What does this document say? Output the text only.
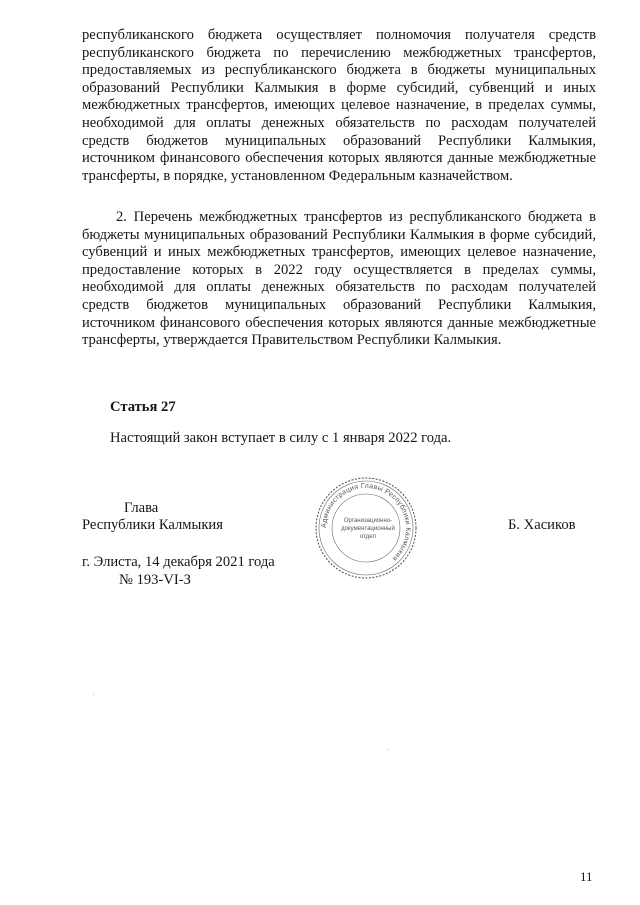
республиканского бюджета осуществляет полномочия получателя средств республиканского бюджета по перечислению межбюджетных трансфертов, предоставляемых из республиканского бюджета в бюджеты муниципальных образований Республики Калмыкия в форме субсидий, субвенций и иных межбюджетных трансфертов, имеющих целевое назначение, в пределах суммы, необходимой для оплаты денежных обязательств по расходам получателей средств бюджетов муниципальных образований Республики Калмыкия, источником финансового обеспечения которых являются данные межбюджетные трансферты, в порядке, установленном Федеральным казначейством.

2. Перечень межбюджетных трансфертов из республиканского бюджета в бюджеты муниципальных образований Республики Калмыкия в форме субсидий, субвенций и иных межбюджетных трансфертов, имеющих целевое назначение, предоставление которых в 2022 году осуществляется в пределах суммы, необходимой для оплаты денежных обязательств по расходам получателей средств бюджетов муниципальных образований Республики Калмыкия, источником финансового обеспечения которых являются данные межбюджетные трансферты, утверждается Правительством Республики Калмыкия.

Статья 27
Настоящий закон вступает в силу с 1 января 2022 года.
Глава
Республики Калмыкия	Б. Хасиков
г. Элиста, 14 декабря 2021 года
№ 193-VI-З
Администрация Главы Республики Калмыкия
Организационно-документационный отдел
11
